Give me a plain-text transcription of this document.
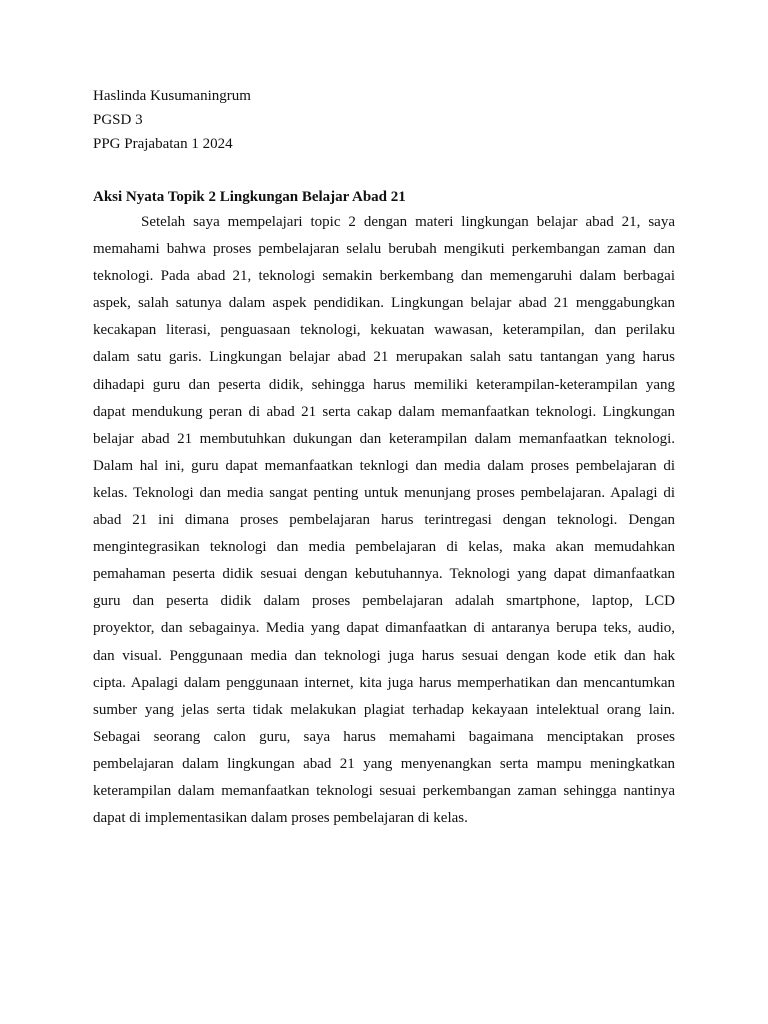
Haslinda Kusumaningrum
PGSD 3
PPG Prajabatan 1 2024
Aksi Nyata Topik 2 Lingkungan Belajar Abad 21
Setelah saya mempelajari topic 2 dengan materi lingkungan belajar abad 21, saya
memahami bahwa proses pembelajaran selalu berubah mengikuti perkembangan zaman dan
teknologi. Pada abad 21, teknologi semakin berkembang dan memengaruhi dalam berbagai
aspek, salah satunya dalam aspek pendidikan. Lingkungan belajar abad 21 menggabungkan
kecakapan literasi, penguasaan teknologi, kekuatan wawasan, keterampilan, dan perilaku
dalam satu garis. Lingkungan belajar abad 21 merupakan salah satu tantangan yang harus
dihadapi guru dan peserta didik, sehingga harus memiliki keterampilan-keterampilan yang
dapat mendukung peran di abad 21 serta cakap dalam memanfaatkan teknologi. Lingkungan
belajar abad 21 membutuhkan dukungan dan keterampilan dalam memanfaatkan teknologi.
Dalam hal ini, guru dapat memanfaatkan teknlogi dan media dalam proses pembelajaran di
kelas. Teknologi dan media sangat penting untuk menunjang proses pembelajaran. Apalagi di
abad 21 ini dimana proses pembelajaran harus terintregasi dengan teknologi. Dengan
mengintegrasikan teknologi dan media pembelajaran di kelas, maka akan memudahkan
pemahaman peserta didik sesuai dengan kebutuhannya. Teknologi yang dapat dimanfaatkan
guru dan peserta didik dalam proses pembelajaran adalah smartphone, laptop, LCD
proyektor, dan sebagainya. Media yang dapat dimanfaatkan di antaranya berupa teks, audio,
dan visual. Penggunaan media dan teknologi juga harus sesuai dengan kode etik dan hak
cipta. Apalagi dalam penggunaan internet, kita juga harus memperhatikan dan mencantumkan
sumber yang jelas serta tidak melakukan plagiat terhadap kekayaan intelektual orang lain.
Sebagai seorang calon guru, saya harus memahami bagaimana menciptakan proses
pembelajaran dalam lingkungan abad 21 yang menyenangkan serta mampu meningkatkan
keterampilan dalam memanfaatkan teknologi sesuai perkembangan zaman sehingga nantinya
dapat di implementasikan dalam proses pembelajaran di kelas.
